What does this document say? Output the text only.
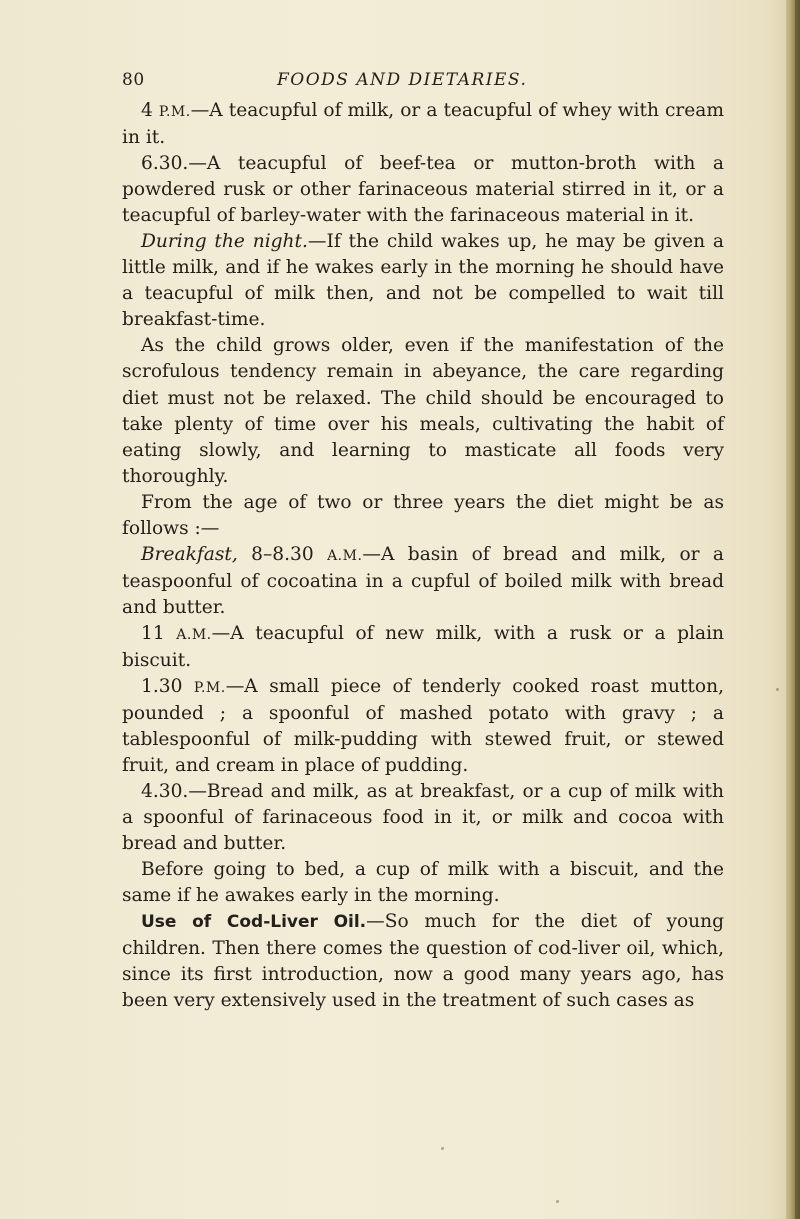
80	FOODS AND DIETARIES.

4 P.M.—A teacupful of milk, or a teacupful of whey with cream in it.

6.30.—A teacupful of beef-tea or mutton-broth with a powdered rusk or other farinaceous material stirred in it, or a teacupful of barley-water with the farinaceous material in it.

During the night.—If the child wakes up, he may be given a little milk, and if he wakes early in the morning he should have a teacupful of milk then, and not be compelled to wait till breakfast-time.

As the child grows older, even if the manifestation of the scrofulous tendency remain in abeyance, the care regarding diet must not be relaxed. The child should be encouraged to take plenty of time over his meals, cultivating the habit of eating slowly, and learning to masticate all foods very thoroughly.

From the age of two or three years the diet might be as follows :—

Breakfast, 8–8.30 A.M.—A basin of bread and milk, or a teaspoonful of cocoatina in a cupful of boiled milk with bread and butter.

11 A.M.—A teacupful of new milk, with a rusk or a plain biscuit.

1.30 P.M.—A small piece of tenderly cooked roast mutton, pounded ; a spoonful of mashed potato with gravy ; a tablespoonful of milk-pudding with stewed fruit, or stewed fruit, and cream in place of pudding.

4.30.—Bread and milk, as at breakfast, or a cup of milk with a spoonful of farinaceous food in it, or milk and cocoa with bread and butter.

Before going to bed, a cup of milk with a biscuit, and the same if he awakes early in the morning.

Use of Cod-Liver Oil.—So much for the diet of young children. Then there comes the question of cod-liver oil, which, since its first introduction, now a good many years ago, has been very extensively used in the treatment of such cases as
